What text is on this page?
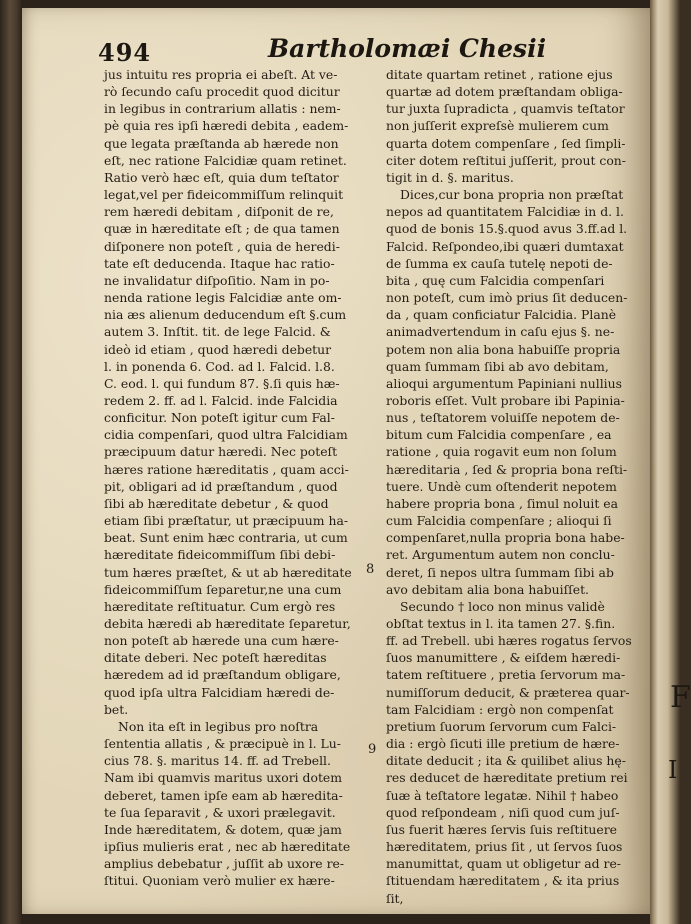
F
I
494	Bartholomæi Chesii
jus intuitu res propria ei abeſt. At ve-
rò ſecundo caſu procedit quod dicitur
in legibus in contrarium allatis : nem-
pè quia res ipſi hæredi debita , eadem-
que legata præſtanda ab hærede non
eſt, nec ratione Falcidiæ quam retinet.
Ratio verò hæc eſt, quia dum teſtator
legat,vel per fideicommiſſum relinquit
rem hæredi debitam , diſponit de re,
quæ in hæreditate eſt ; de qua tamen
diſponere non poteſt , quia de heredi-
tate eſt deducenda. Itaque hac ratio-
ne invalidatur diſpoſitio. Nam in po-
nenda ratione legis Falcidiæ ante om-
nia æs alienum deducendum eſt §.cum
autem 3. Inſtit. tit. de lege Falcid. &
ideò id etiam , quod hæredi debetur
l. in ponenda 6. Cod. ad l. Falcid. l.8.
C. eod. l. qui fundum 87. §.ſi quis hæ-
redem 2. ff. ad l. Falcid. inde Falcidia
conficitur. Non poteſt igitur cum Fal-
cidia compenſari, quod ultra Falcidiam
præcipuum datur hæredi. Nec poteſt
hæres ratione hæreditatis , quam acci-
pit, obligari ad id præſtandum , quod
ſibi ab hæreditate debetur , & quod
etiam ſibi præſtatur, ut præcipuum ha-
beat. Sunt enim hæc contraria, ut cum
hæreditate fideicommiſſum ſibi debi-
tum hæres præſtet, & ut ab hæreditate
fideicommiſſum ſeparetur,ne una cum
hæreditate reſtituatur. Cum ergò res
debita hæredi ab hæreditate ſeparetur,
non poteſt ab hærede una cum hære-
ditate deberi. Nec poteſt hæreditas
hæredem ad id præſtandum obligare,
quod ipſa ultra Falcidiam hæredi de-
bet.
Non ita eſt in legibus pro noſtra
ſententia allatis , & præcipuè in l. Lu-
cius 78. §. maritus 14. ff. ad Trebell.
Nam ibi quamvis maritus uxori dotem
deberet, tamen ipſe eam ab hæredita-
te ſua ſeparavit , & uxori prælegavit.
Inde hæreditatem, & dotem, quæ jam
ipſius mulieris erat , nec ab hæreditate
amplius debebatur , juſſit ab uxore re-
ſtitui. Quoniam verò mulier ex hære-
ditate quartam retinet , ratione ejus
quartæ ad dotem præſtandam obliga-
tur juxta ſupradicta , quamvis teſtator
non juſſerit expreſsè mulierem cum
quarta dotem compenſare , ſed ſimpli-
citer dotem reſtitui juſſerit, prout con-
tigit in d. §. maritus.
Dices,cur bona propria non præſtat
nepos ad quantitatem Falcidiæ in d. l.
quod de bonis 15.§.quod avus 3.ff.ad l.
Falcid. Reſpondeo,ibi quæri dumtaxat
de ſumma ex cauſa tutelę nepoti de-
bita , quę cum Falcidia compenſari
non poteſt, cum imò prius ſit deducen-
da , quam conficiatur Falcidia. Planè
animadvertendum in caſu ejus §. ne-
potem non alia bona habuiſſe propria
quam ſummam ſibi ab avo debitam,
alioqui argumentum Papiniani nullius
roboris eſſet. Vult probare ibi Papinia-
nus , teſtatorem voluiſſe nepotem de-
bitum cum Falcidia compenſare , ea
ratione , quia rogavit eum non ſolum
hæreditaria , ſed & propria bona reſti-
tuere. Undè cum oſtenderit nepotem
habere propria bona , ſimul noluit ea
cum Falcidia compenſare ; alioqui ſi
compenſaret,nulla propria bona habe-
ret. Argumentum autem non conclu-
deret, ſi nepos ultra ſummam ſibi ab
avo debitam alia bona habuiſſet.
Secundo † loco non minus validè
obſtat textus in l. ita tamen 27. §.fin.
ff. ad Trebell. ubi hæres rogatus ſervos
ſuos manumittere , & eiſdem hæredi-
tatem reſtituere , pretia ſervorum ma-
numiſſorum deducit, & præterea quar-
tam Falcidiam : ergò non compenſat
pretium ſuorum ſervorum cum Falci-
dia : ergò ſicuti ille pretium de hære-
ditate deducit ; ita & quilibet alius hę-
res deducet de hæreditate pretium rei
ſuæ à teſtatore legatæ. Nihil † habeo
quod reſpondeam , niſi quod cum juſ-
ſus fuerit hæres ſervis ſuis reſtituere
hæreditatem, prius ſit , ut ſervos ſuos
manumittat, quam ut obligetur ad re-
ſtituendam hæreditatem , & ita prius
ſit,
8
9
